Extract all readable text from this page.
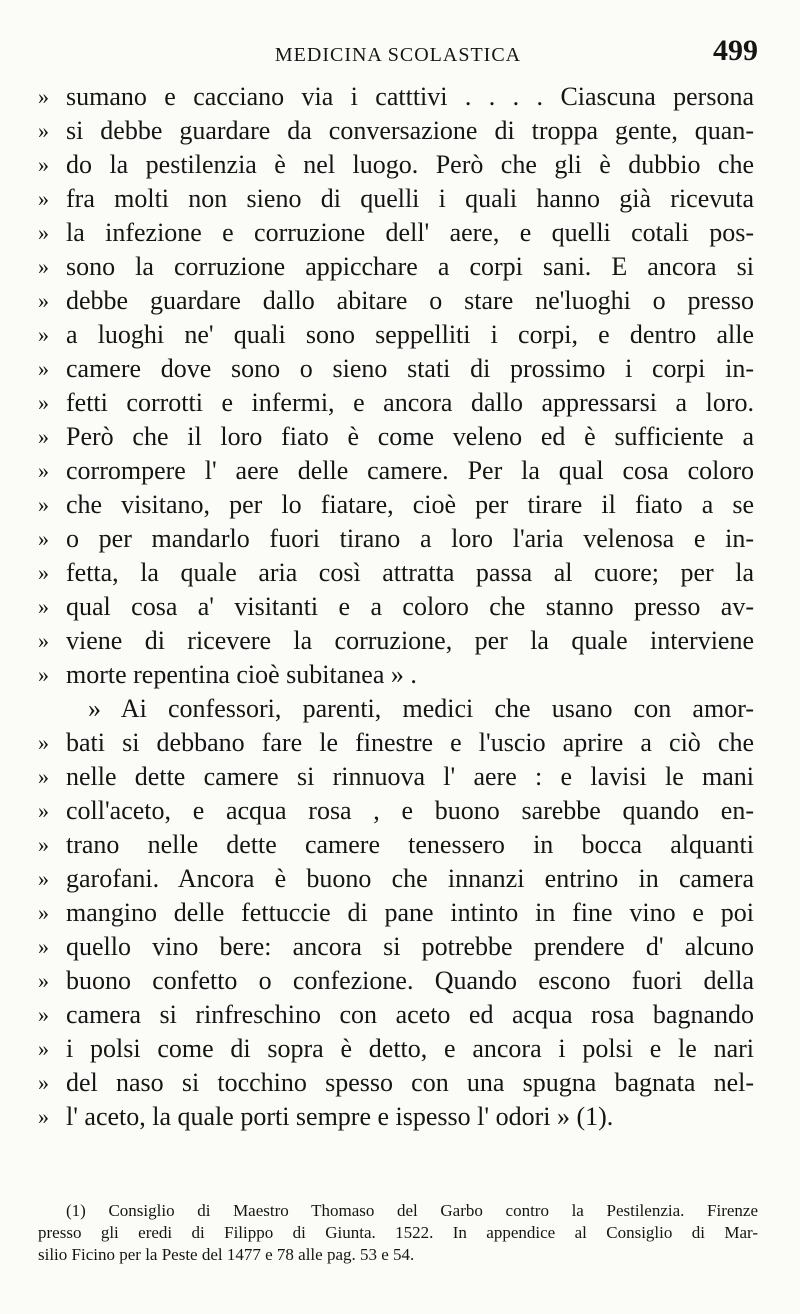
MEDICINA SCOLASTICA	499
» sumano e cacciano via i catttivi . . . . Ciascuna persona
» si debbe guardare da conversazione di troppa gente, quan-
» do la pestilenzia è nel luogo. Però che gli è dubbio che
» fra molti non sieno di quelli i quali hanno già ricevuta
» la infezione e corruzione dell' aere, e quelli cotali pos-
» sono la corruzione appicchare a corpi sani. E ancora si
» debbe guardare dallo abitare o stare ne'luoghi o presso
» a luoghi ne' quali sono seppelliti i corpi, e dentro alle
» camere dove sono o sieno stati di prossimo i corpi in-
» fetti corrotti e infermi, e ancora dallo appressarsi a loro.
» Però che il loro fiato è come veleno ed è sufficiente a
» corrompere l' aere delle camere. Per la qual cosa coloro
» che visitano, per lo fiatare, cioè per tirare il fiato a se
» o per mandarlo fuori tirano a loro l'aria velenosa e in-
» fetta, la quale aria così attratta passa al cuore; per la
» qual cosa a' visitanti e a coloro che stanno presso av-
» viene di ricevere la corruzione, per la quale interviene
» morte repentina cioè subitanea » .
» Ai confessori, parenti, medici che usano con amor-
» bati si debbano fare le finestre e l'uscio aprire a ciò che
» nelle dette camere si rinnuova l' aere : e lavisi le mani
» coll'aceto, e acqua rosa , e buono sarebbe quando en-
» trano nelle dette camere tenessero in bocca alquanti
» garofani. Ancora è buono che innanzi entrino in camera
» mangino delle fettuccie di pane intinto in fine vino e poi
» quello vino bere: ancora si potrebbe prendere d' alcuno
» buono confetto o confezione. Quando escono fuori della
» camera si rinfreschino con aceto ed acqua rosa bagnando
» i polsi come di sopra è detto, e ancora i polsi e le nari
» del naso si tocchino spesso con una spugna bagnata nel-
» l' aceto, la quale porti sempre e ispesso l' odori » (1).
(1) Consiglio di Maestro Thomaso del Garbo contro la Pestilenzia. Firenze
presso gli eredi di Filippo di Giunta. 1522. In appendice al Consiglio di Mar-
silio Ficino per la Peste del 1477 e 78 alle pag. 53 e 54.
